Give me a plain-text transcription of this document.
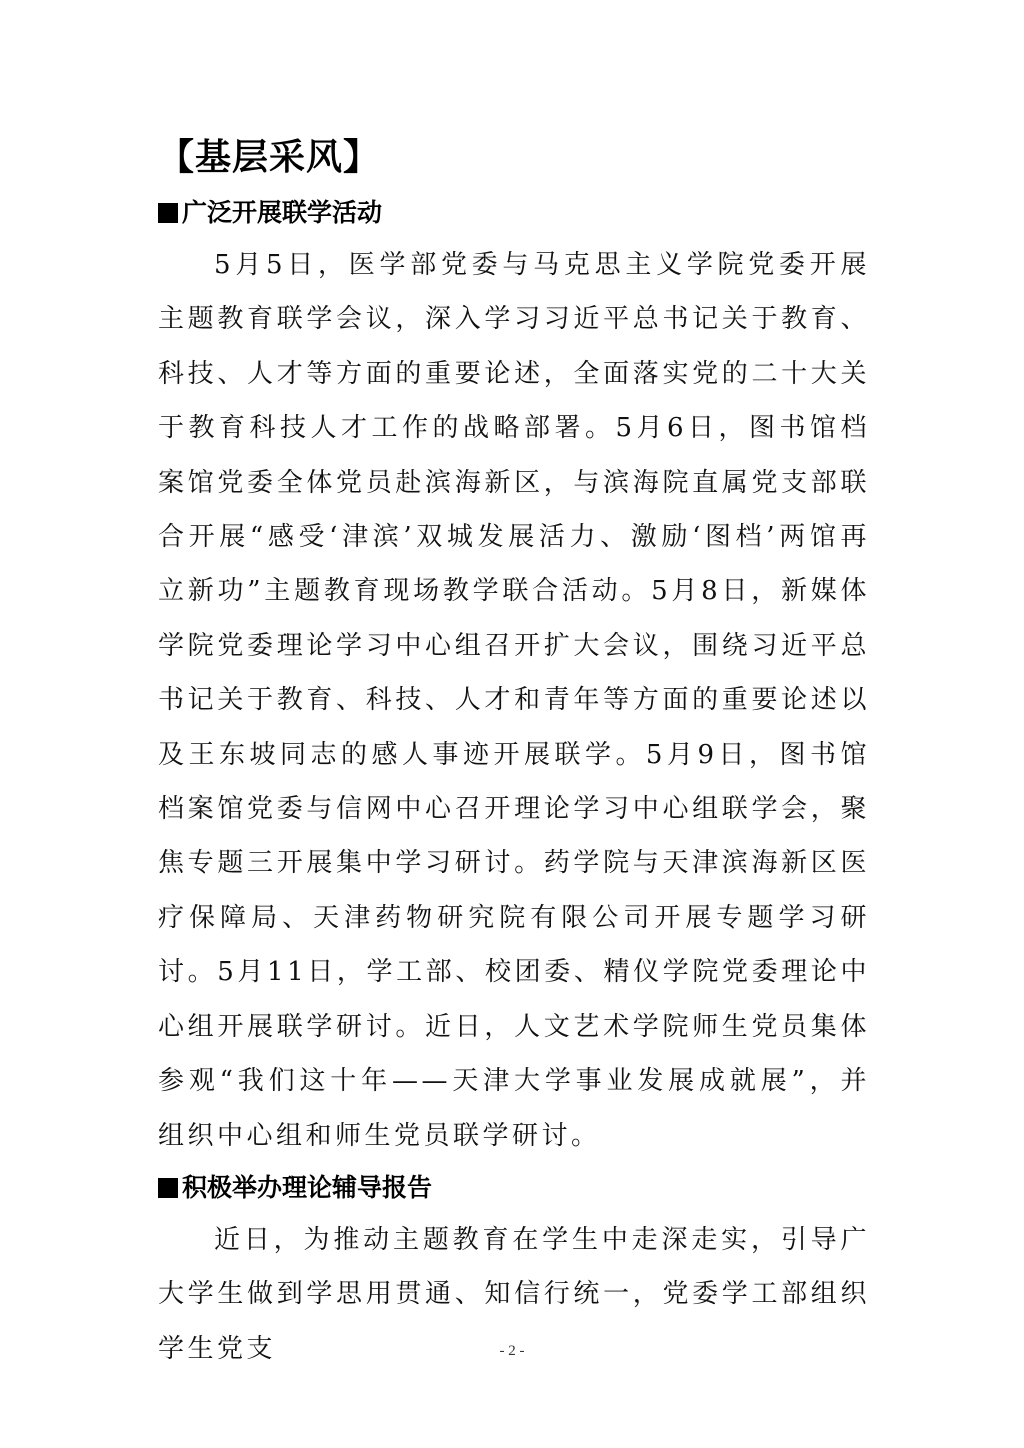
【基层采风】
广泛开展联学活动

5月5日，医学部党委与马克思主义学院党委开展主题教育联学会议，深入学习习近平总书记关于教育、科技、人才等方面的重要论述，全面落实党的二十大关于教育科技人才工作的战略部署。5月6日，图书馆档案馆党委全体党员赴滨海新区，与滨海院直属党支部联合开展“感受‘津滨’双城发展活力、激励‘图档’两馆再立新功”主题教育现场教学联合活动。5月8日，新媒体学院党委理论学习中心组召开扩大会议，围绕习近平总书记关于教育、科技、人才和青年等方面的重要论述以及王东坡同志的感人事迹开展联学。5月9日，图书馆档案馆党委与信网中心召开理论学习中心组联学会，聚焦专题三开展集中学习研讨。药学院与天津滨海新区医疗保障局、天津药物研究院有限公司开展专题学习研讨。5月11日，学工部、校团委、精仪学院党委理论中心组开展联学研讨。近日，人文艺术学院师生党员集体参观“我们这十年——天津大学事业发展成就展”，并组织中心组和师生党员联学研讨。

积极举办理论辅导报告

近日，为推动主题教育在学生中走深走实，引导广大学生做到学思用贯通、知信行统一，党委学工部组织学生党支	- 2 -
